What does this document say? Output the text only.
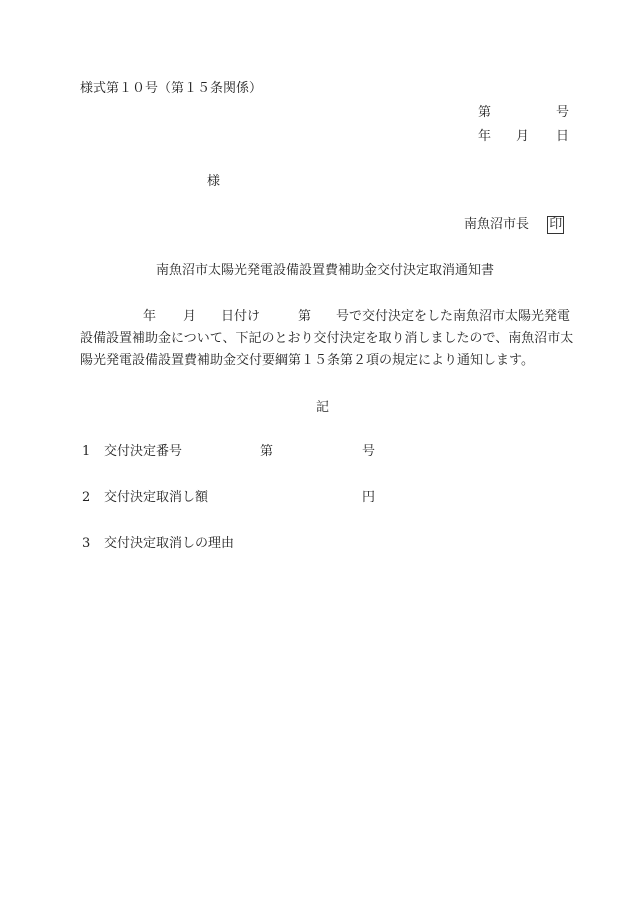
様式第１０号（第１５条関係）
第	号
年 月 日
様
南魚沼市長 印
南魚沼市太陽光発電設備設置費補助金交付決定取消通知書
年 月 日付け	第 号で交付決定をした南魚沼市太陽光発電
設備設置補助金について、下記のとおり交付決定を取り消しましたので、南魚沼市太
陽光発電設備設置費補助金交付要綱第１５条第２項の規定により通知します。
記
1 交付決定番号	第	号
2 交付決定取消し額	円
3 交付決定取消しの理由
